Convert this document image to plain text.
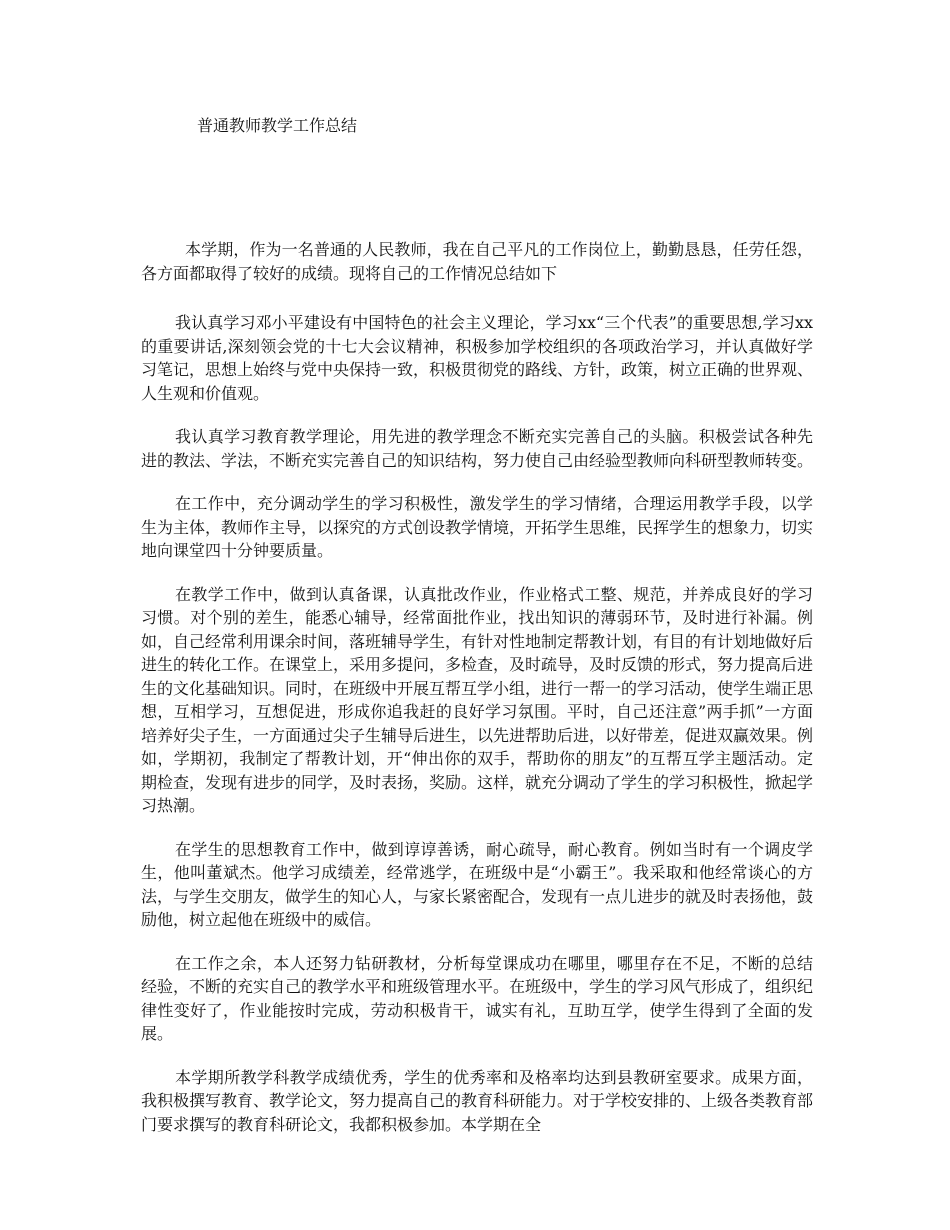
普通教师教学工作总结

本学期，作为一名普通的人民教师，我在自己平凡的工作岗位上，勤勤恳恳，任劳任怨，各方面都取得了较好的成绩。现将自己的工作情况总结如下

我认真学习邓小平建设有中国特色的社会主义理论，学习xx“三个代表”的重要思想,学习xx的重要讲话,深刻领会党的十七大会议精神，积极参加学校组织的各项政治学习，并认真做好学习笔记，思想上始终与党中央保持一致，积极贯彻党的路线、方针，政策，树立正确的世界观、人生观和价值观。

我认真学习教育教学理论，用先进的教学理念不断充实完善自己的头脑。积极尝试各种先进的教法、学法，不断充实完善自己的知识结构，努力使自己由经验型教师向科研型教师转变。

在工作中，充分调动学生的学习积极性，激发学生的学习情绪，合理运用教学手段，以学生为主体，教师作主导，以探究的方式创设教学情境，开拓学生思维，民挥学生的想象力，切实地向课堂四十分钟要质量。

在教学工作中，做到认真备课，认真批改作业，作业格式工整、规范，并养成良好的学习习惯。对个别的差生，能悉心辅导，经常面批作业，找出知识的薄弱环节，及时进行补漏。例如，自己经常利用课余时间，落班辅导学生，有针对性地制定帮教计划，有目的有计划地做好后进生的转化工作。在课堂上，采用多提问，多检查，及时疏导，及时反馈的形式，努力提高后进生的文化基础知识。同时，在班级中开展互帮互学小组，进行一帮一的学习活动，使学生端正思想，互相学习，互想促进，形成你追我赶的良好学习氛围。平时，自己还注意”两手抓”一方面培养好尖子生，一方面通过尖子生辅导后进生，以先进帮助后进，以好带差，促进双赢效果。例如，学期初，我制定了帮教计划，开“伸出你的双手，帮助你的朋友”的互帮互学主题活动。定期检查，发现有进步的同学，及时表扬，奖励。这样，就充分调动了学生的学习积极性，掀起学习热潮。

在学生的思想教育工作中，做到谆谆善诱，耐心疏导，耐心教育。例如当时有一个调皮学生，他叫董斌杰。他学习成绩差，经常逃学，在班级中是“小霸王”。我采取和他经常谈心的方法，与学生交朋友，做学生的知心人，与家长紧密配合，发现有一点儿进步的就及时表扬他，鼓励他，树立起他在班级中的威信。

在工作之余，本人还努力钻研教材，分析每堂课成功在哪里，哪里存在不足，不断的总结经验，不断的充实自己的教学水平和班级管理水平。在班级中，学生的学习风气形成了，组织纪律性变好了，作业能按时完成，劳动积极肯干，诚实有礼，互助互学，使学生得到了全面的发展。

本学期所教学科教学成绩优秀，学生的优秀率和及格率均达到县教研室要求。成果方面，我积极撰写教育、教学论文，努力提高自己的教育科研能力。对于学校安排的、上级各类教育部门要求撰写的教育科研论文，我都积极参加。本学期在全
